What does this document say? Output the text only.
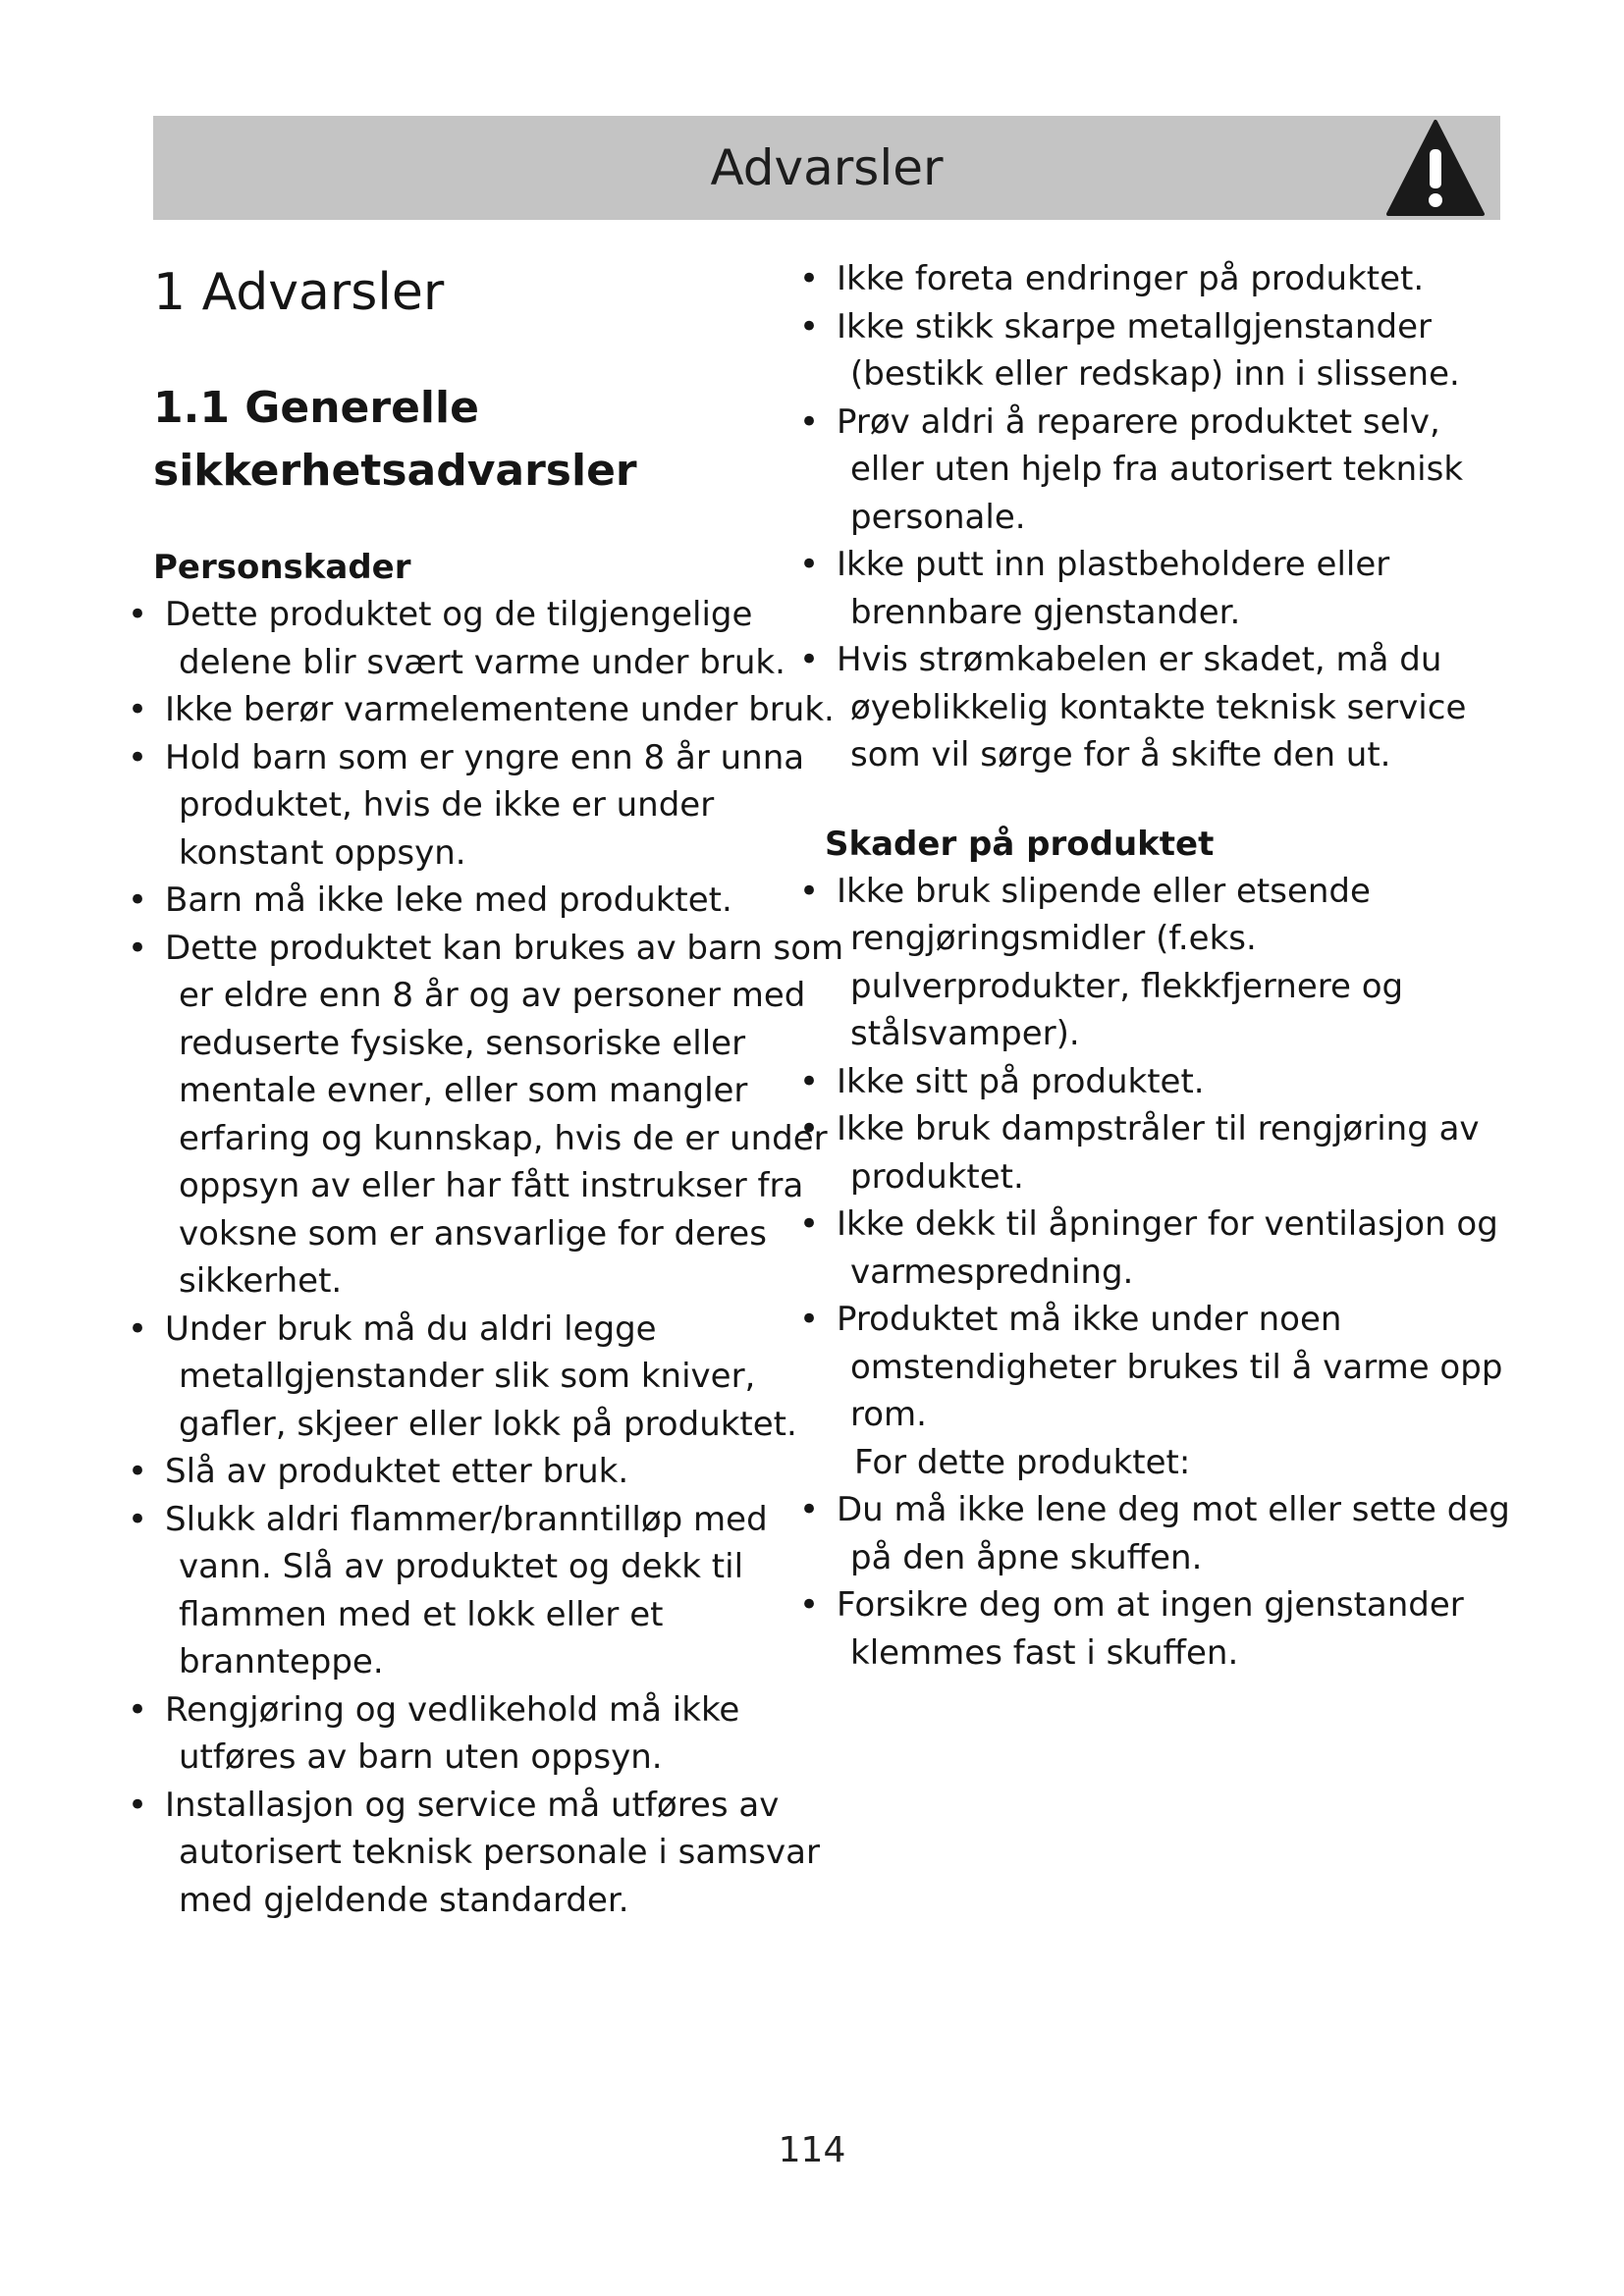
Advarsler
1 Advarsler
1.1 Generelle sikkerhetsadvarsler
Personskader
• Dette produktet og de tilgjengelige delene blir svært varme under bruk.
• Ikke berør varmelementene under bruk.
• Hold barn som er yngre enn 8 år unna produktet, hvis de ikke er under konstant oppsyn.
• Barn må ikke leke med produktet.
• Dette produktet kan brukes av barn som er eldre enn 8 år og av personer med reduserte fysiske, sensoriske eller mentale evner, eller som mangler erfaring og kunnskap, hvis de er under oppsyn av eller har fått instrukser fra voksne som er ansvarlige for deres sikkerhet.
• Under bruk må du aldri legge metallgjenstander slik som kniver, gafler, skjeer eller lokk på produktet.
• Slå av produktet etter bruk.
• Slukk aldri flammer/branntilløp med vann. Slå av produktet og dekk til flammen med et lokk eller et brannteppe.
• Rengjøring og vedlikehold må ikke utføres av barn uten oppsyn.
• Installasjon og service må utføres av autorisert teknisk personale i samsvar med gjeldende standarder.
• Ikke foreta endringer på produktet.
• Ikke stikk skarpe metallgjenstander (bestikk eller redskap) inn i slissene.
• Prøv aldri å reparere produktet selv, eller uten hjelp fra autorisert teknisk personale.
• Ikke putt inn plastbeholdere eller brennbare gjenstander.
• Hvis strømkabelen er skadet, må du øyeblikkelig kontakte teknisk service som vil sørge for å skifte den ut.
Skader på produktet
• Ikke bruk slipende eller etsende rengjøringsmidler (f.eks. pulverprodukter, flekkfjernere og stålsvamper).
• Ikke sitt på produktet.
• Ikke bruk dampstråler til rengjøring av produktet.
• Ikke dekk til åpninger for ventilasjon og varmespredning.
• Produktet må ikke under noen omstendigheter brukes til å varme opp rom.
For dette produktet:
• Du må ikke lene deg mot eller sette deg på den åpne skuffen.
• Forsikre deg om at ingen gjenstander klemmes fast i skuffen.
114
